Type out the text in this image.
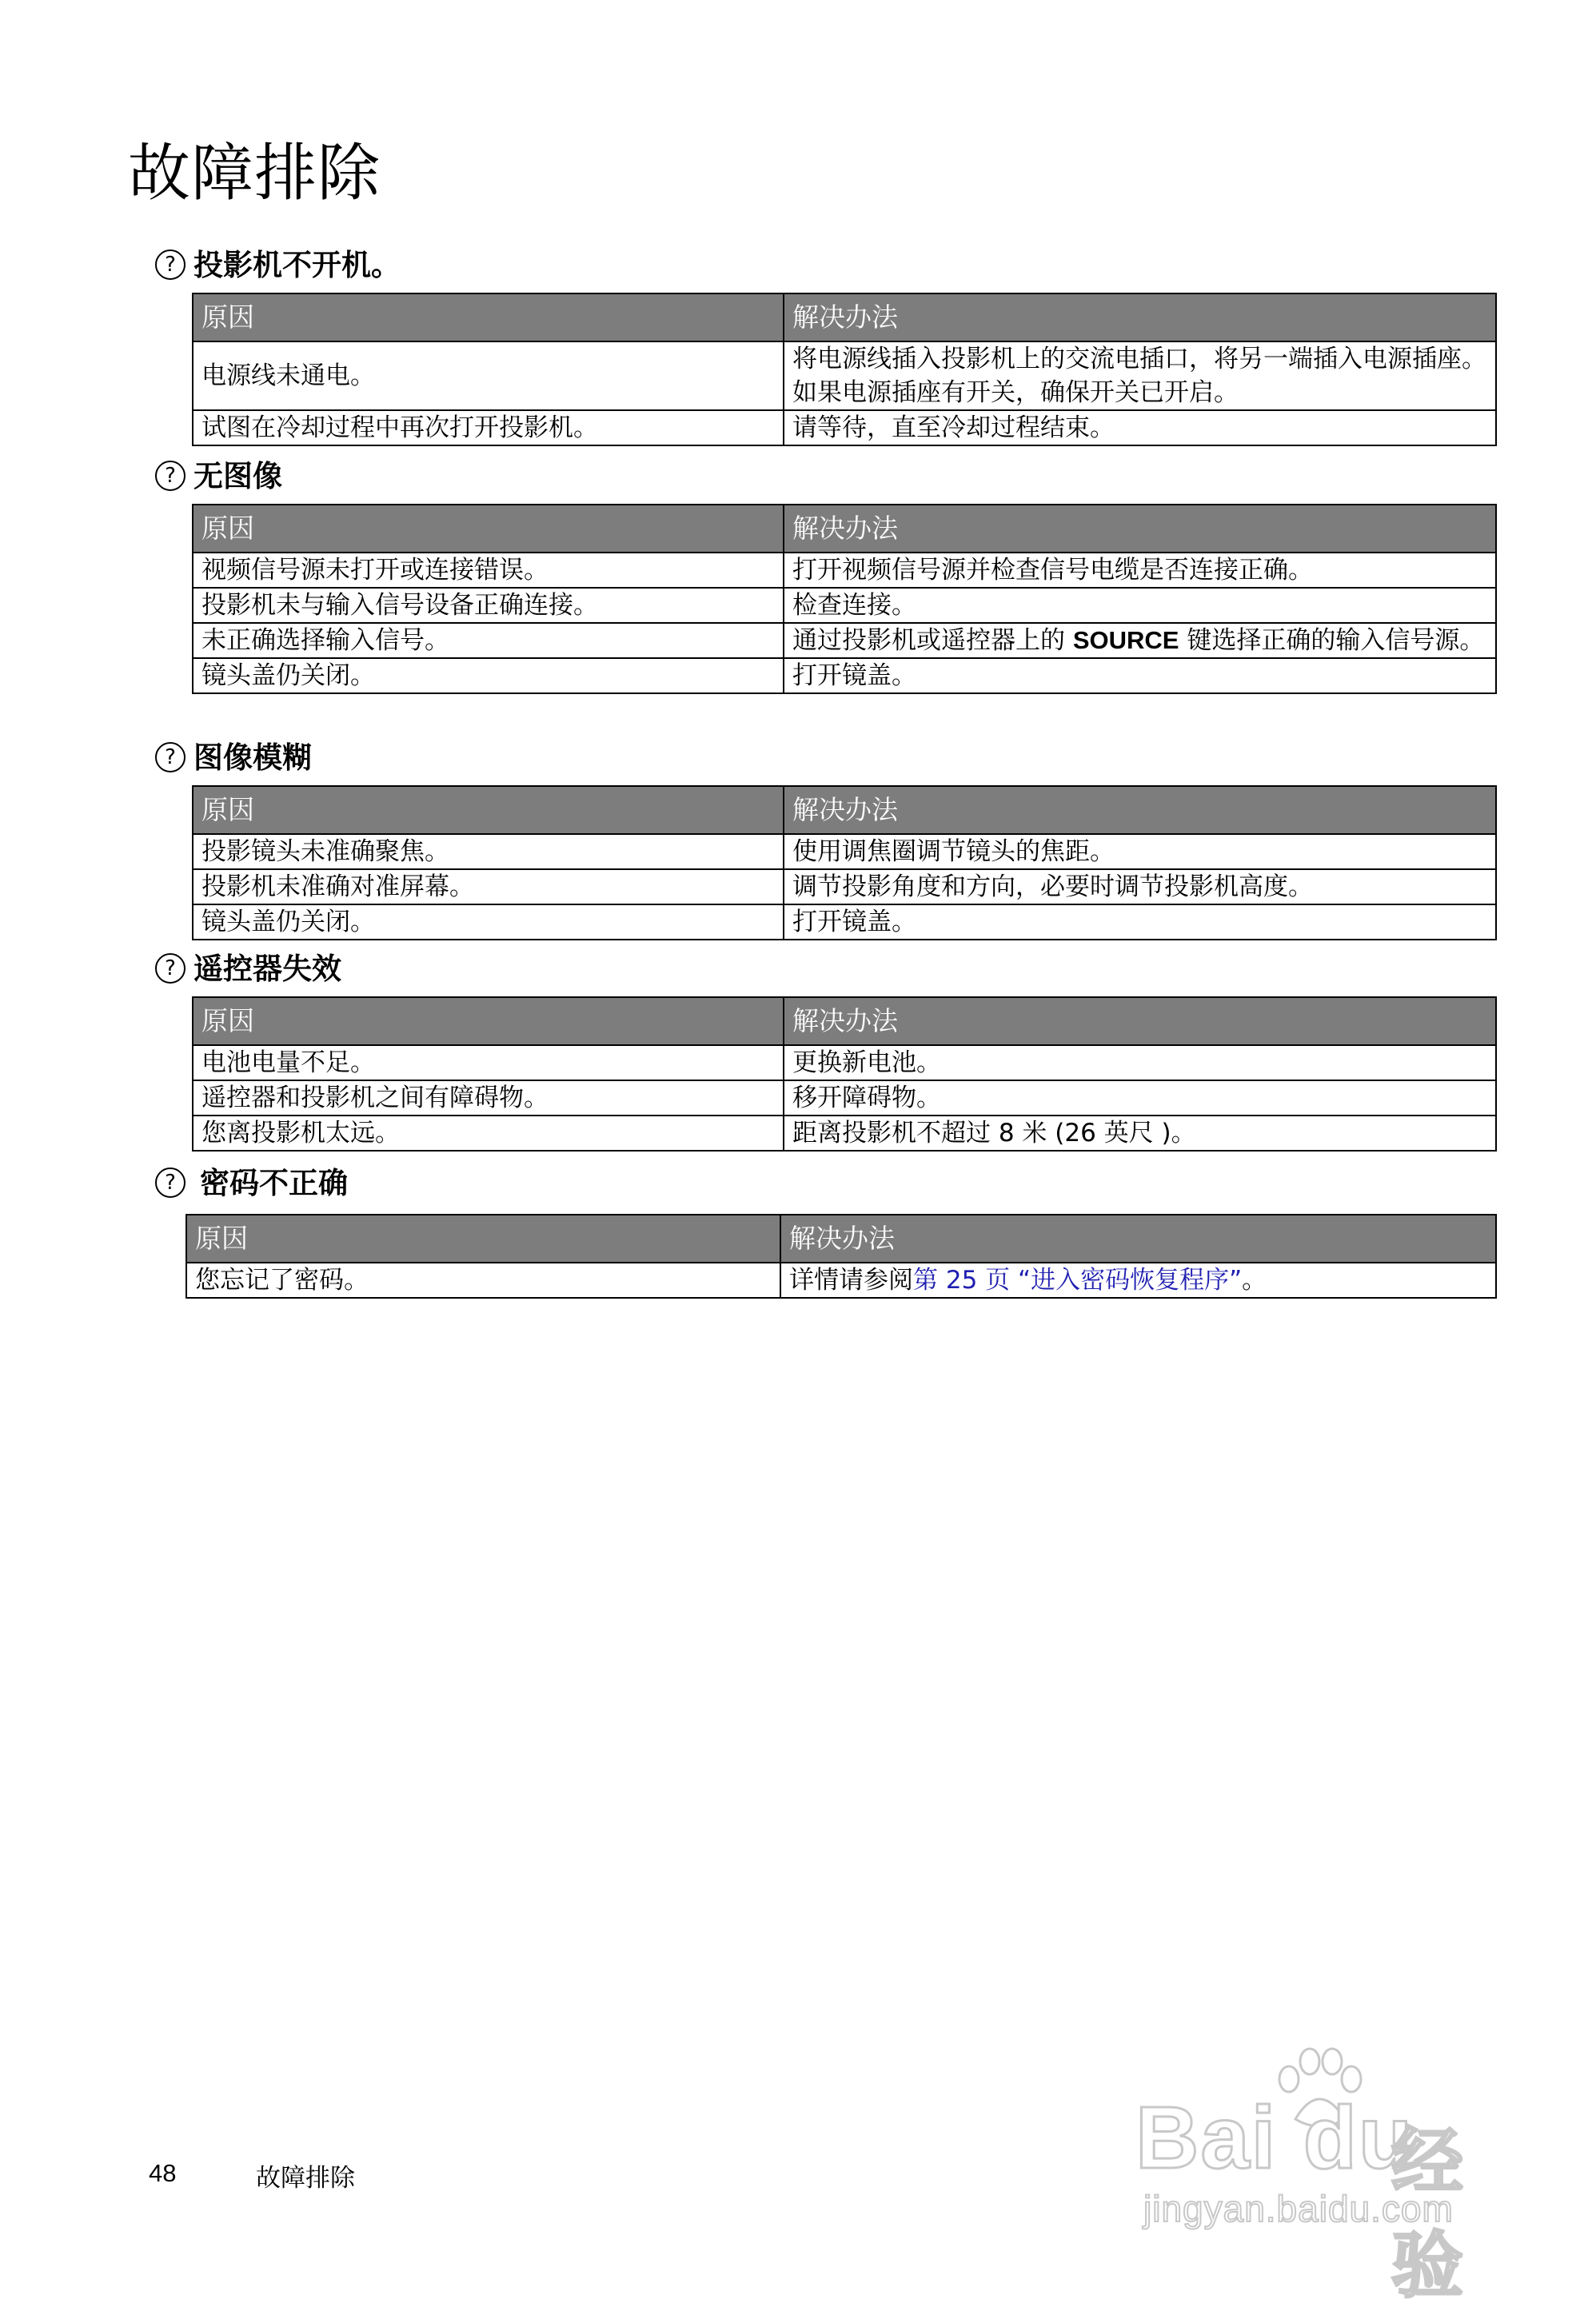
故障排除
? 投影机不开机。
原因	解决办法
电源线未通电。	将电源线插入投影机上的交流电插口，将另一端插入电源插座。如果电源插座有开关，确保开关已开启。
试图在冷却过程中再次打开投影机。	请等待，直至冷却过程结束。
? 无图像
原因	解决办法
视频信号源未打开或连接错误。	打开视频信号源并检查信号电缆是否连接正确。
投影机未与输入信号设备正确连接。	检查连接。
未正确选择输入信号。	通过投影机或遥控器上的 SOURCE 键选择正确的输入信号源。
镜头盖仍关闭。	打开镜盖。
? 图像模糊
原因	解决办法
投影镜头未准确聚焦。	使用调焦圈调节镜头的焦距。
投影机未准确对准屏幕。	调节投影角度和方向，必要时调节投影机高度。
镜头盖仍关闭。	打开镜盖。
? 遥控器失效
原因	解决办法
电池电量不足。	更换新电池。
遥控器和投影机之间有障碍物。	移开障碍物。
您离投影机太远。	距离投影机不超过 8 米 (26 英尺 )。
? 密码不正确
原因	解决办法
您忘记了密码。	详情请参阅第 25 页 “进入密码恢复程序”。
48	故障排除	Bai du
经验
jingyan.baidu.com
